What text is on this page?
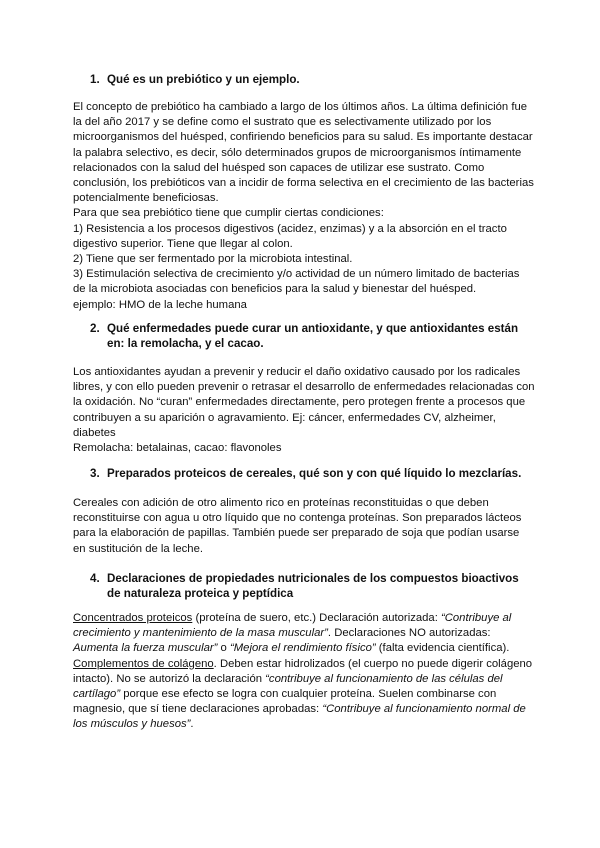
1. Qué es un prebiótico y un ejemplo.

El concepto de prebiótico ha cambiado a largo de los últimos años. La última definición fue la del año 2017 y se define como el sustrato que es selectivamente utilizado por los microorganismos del huésped, confiriendo beneficios para su salud. Es importante destacar la palabra selectivo, es decir, sólo determinados grupos de microorganismos íntimamente relacionados con la salud del huésped son capaces de utilizar ese sustrato. Como conclusión, los prebióticos van a incidir de forma selectiva en el crecimiento de las bacterias potencialmente beneficiosas.

Para que sea prebiótico tiene que cumplir ciertas condiciones:

1) Resistencia a los procesos digestivos (acidez, enzimas) y a la absorción en el tracto digestivo superior. Tiene que llegar al colon.

2) Tiene que ser fermentado por la microbiota intestinal.

3) Estimulación selectiva de crecimiento y/o actividad de un número limitado de bacterias de la microbiota asociadas con beneficios para la salud y bienestar del huésped.

ejemplo: HMO de la leche humana

2. Qué enfermedades puede curar un antioxidante, y que antioxidantes están en: la remolacha, y el cacao.

Los antioxidantes ayudan a prevenir y reducir el daño oxidativo causado por los radicales libres, y con ello pueden prevenir o retrasar el desarrollo de enfermedades relacionadas con la oxidación. No “curan” enfermedades directamente, pero protegen frente a procesos que contribuyen a su aparición o agravamiento. Ej: cáncer, enfermedades CV, alzheimer, diabetes

Remolacha: betalainas, cacao: flavonoles

3. Preparados proteicos de cereales, qué son y con qué líquido lo mezclarías.

Cereales con adición de otro alimento rico en proteínas reconstituidas o que deben reconstituirse con agua u otro líquido que no contenga proteínas. Son preparados lácteos para la elaboración de papillas. También puede ser preparado de soja que podían usarse en sustitución de la leche.

4. Declaraciones de propiedades nutricionales de los compuestos bioactivos de naturaleza proteica y peptídica

Concentrados proteicos (proteína de suero, etc.) Declaración autorizada: “Contribuye al crecimiento y mantenimiento de la masa muscular”. Declaraciones NO autorizadas: Aumenta la fuerza muscular” o “Mejora el rendimiento físico” (falta evidencia científica).

Complementos de colágeno. Deben estar hidrolizados (el cuerpo no puede digerir colágeno intacto). No se autorizó la declaración “contribuye al funcionamiento de las células del cartílago” porque ese efecto se logra con cualquier proteína. Suelen combinarse con magnesio, que sí tiene declaraciones aprobadas: “Contribuye al funcionamiento normal de los músculos y huesos”.
